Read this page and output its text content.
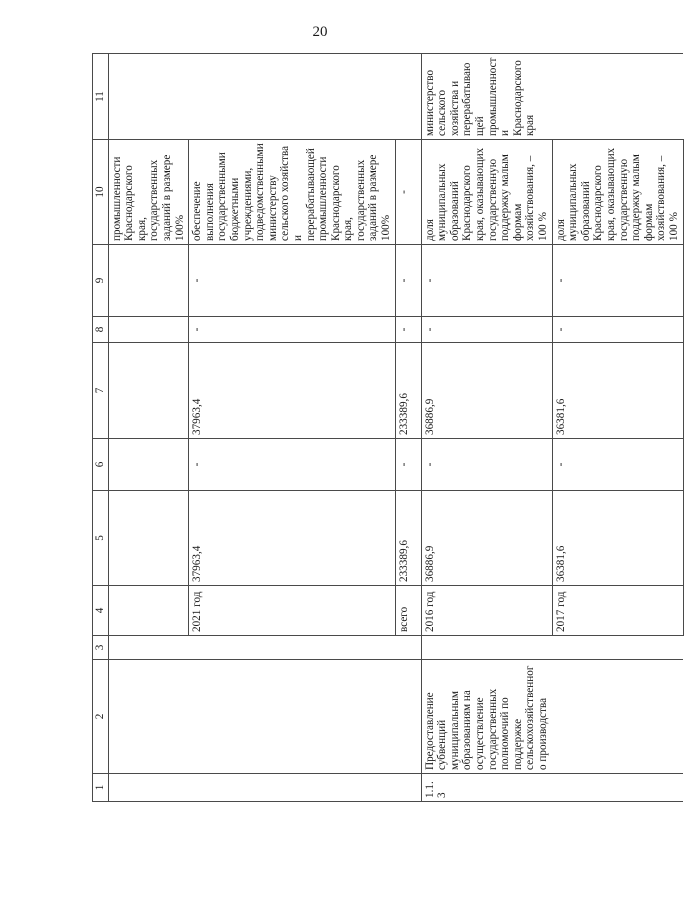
20
1	2	3	4	5	6	7	8	9	10	11
									промышленности Краснодарского края, государственных заданий в размере 100%	
			2021 год	37963,4	-	37963,4	-	-	обеспечение выполнения государственными бюджетными учреждениями, подведомственными министерству сельского хозяйства и перерабатывающей промышленности Краснодарского края, государственных заданий в размере 100%	
			всего	233389,6	-	233389,6	-	-	-	
1.1.3	Предоставление субвенций муниципальным образованиям на осуществление государственных полномочий по поддержке сельскохозяйственного производства		2016 год	36886,9	-	36886,9	-	-	доля муниципальных образований Краснодарского края, оказывающих государственную поддержку малым формам хозяйствования, – 100 %	министерство сельского хозяйства и перерабатывающей промышленности Краснодарского края
			2017 год	36381,6	-	36381,6	-	-	доля муниципальных образований Краснодарского края, оказывающих государственную поддержку малым формам хозяйствования, – 100 %	
